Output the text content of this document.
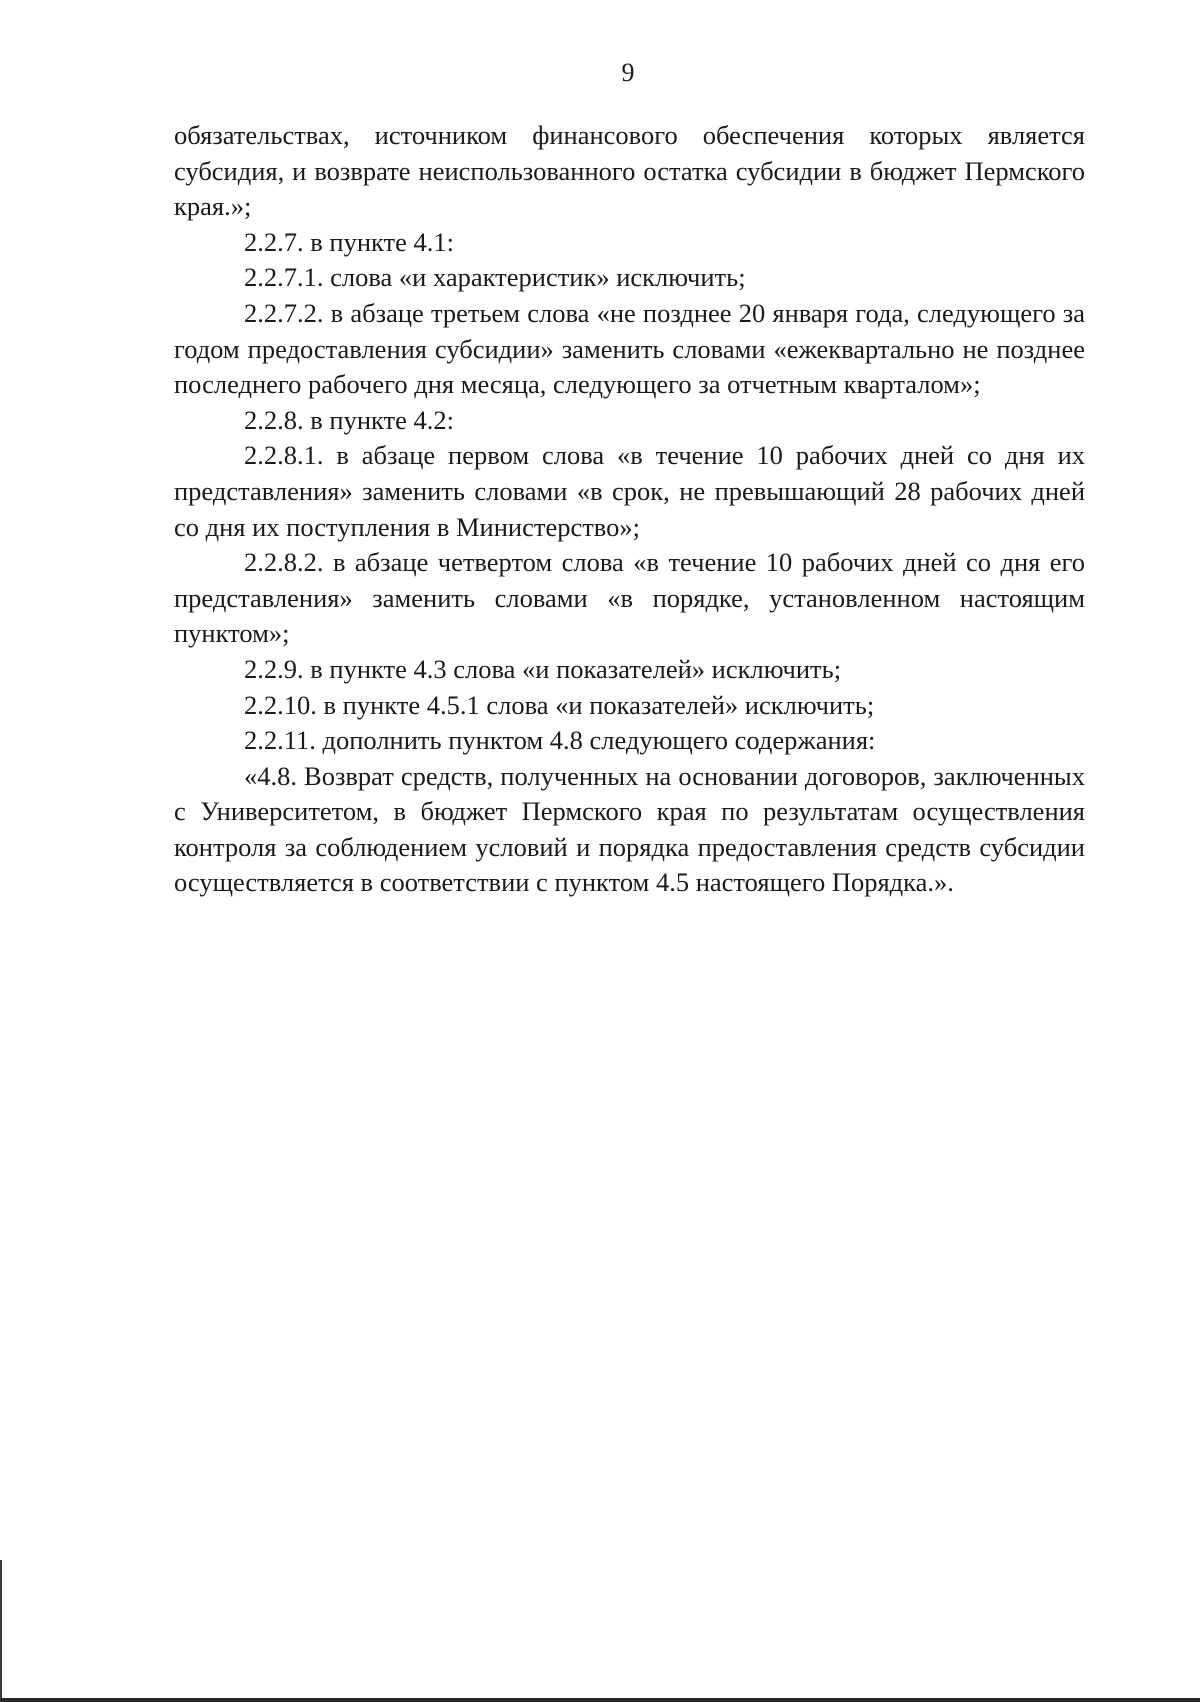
9

обязательствах, источником финансового обеспечения которых является субсидия, и возврате неиспользованного остатка субсидии в бюджет Пермского края.»;

2.2.7. в пункте 4.1:

2.2.7.1. слова «и характеристик» исключить;

2.2.7.2. в абзаце третьем слова «не позднее 20 января года, следующего за годом предоставления субсидии» заменить словами «ежеквартально не позднее последнего рабочего дня месяца, следующего за отчетным кварталом»;

2.2.8. в пункте 4.2:

2.2.8.1. в абзаце первом слова «в течение 10 рабочих дней со дня их представления» заменить словами «в срок, не превышающий 28 рабочих дней со дня их поступления в Министерство»;

2.2.8.2. в абзаце четвертом слова «в течение 10 рабочих дней со дня его представления» заменить словами «в порядке, установленном настоящим пунктом»;

2.2.9. в пункте 4.3 слова «и показателей» исключить;

2.2.10. в пункте 4.5.1 слова «и показателей» исключить;

2.2.11. дополнить пунктом 4.8 следующего содержания:

«4.8. Возврат средств, полученных на основании договоров, заключенных с Университетом, в бюджет Пермского края по результатам осуществления контроля за соблюдением условий и порядка предоставления средств субсидии осуществляется в соответствии с пунктом 4.5 настоящего Порядка.».
